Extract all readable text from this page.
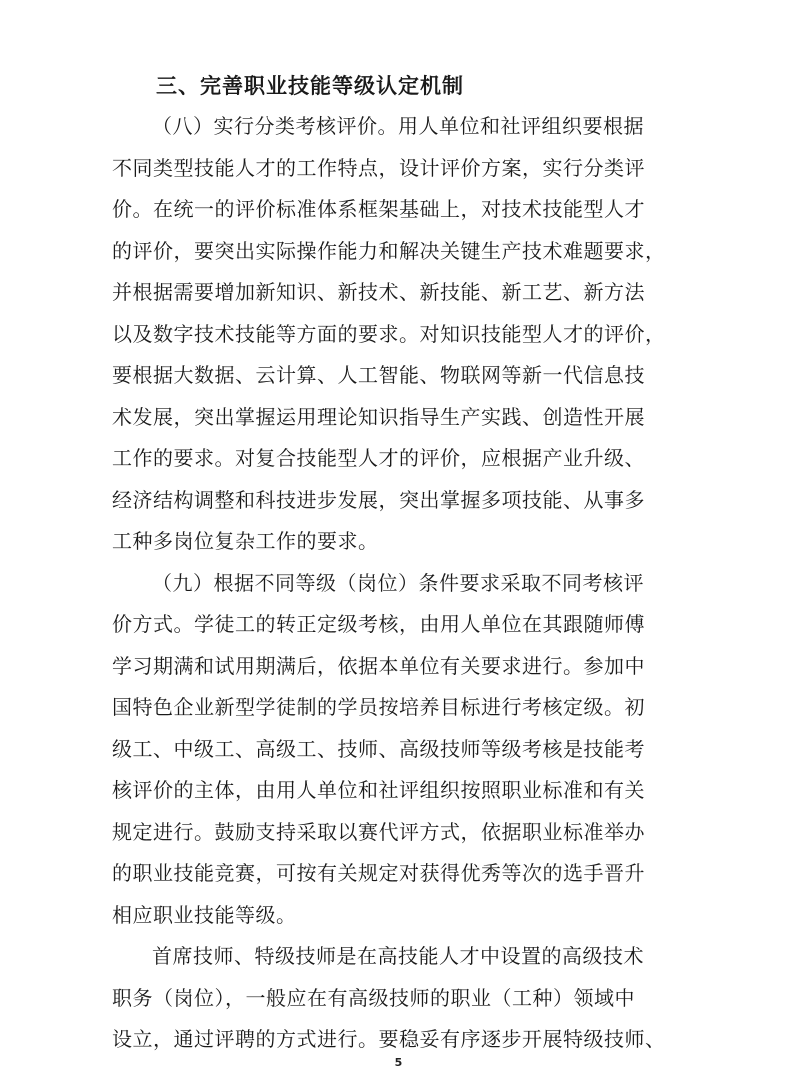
三、完善职业技能等级认定机制
（八）实行分类考核评价。用人单位和社评组织要根据
不同类型技能人才的工作特点，设计评价方案，实行分类评
价。在统一的评价标准体系框架基础上，对技术技能型人才
的评价，要突出实际操作能力和解决关键生产技术难题要求，
并根据需要增加新知识、新技术、新技能、新工艺、新方法
以及数字技术技能等方面的要求。对知识技能型人才的评价，
要根据大数据、云计算、人工智能、物联网等新一代信息技
术发展，突出掌握运用理论知识指导生产实践、创造性开展
工作的要求。对复合技能型人才的评价，应根据产业升级、
经济结构调整和科技进步发展，突出掌握多项技能、从事多
工种多岗位复杂工作的要求。
（九）根据不同等级（岗位）条件要求采取不同考核评
价方式。学徒工的转正定级考核，由用人单位在其跟随师傅
学习期满和试用期满后，依据本单位有关要求进行。参加中
国特色企业新型学徒制的学员按培养目标进行考核定级。初
级工、中级工、高级工、技师、高级技师等级考核是技能考
核评价的主体，由用人单位和社评组织按照职业标准和有关
规定进行。鼓励支持采取以赛代评方式，依据职业标准举办
的职业技能竞赛，可按有关规定对获得优秀等次的选手晋升
相应职业技能等级。
首席技师、特级技师是在高技能人才中设置的高级技术
职务（岗位），一般应在有高级技师的职业（工种）领域中
设立，通过评聘的方式进行。要稳妥有序逐步开展特级技师、
5
